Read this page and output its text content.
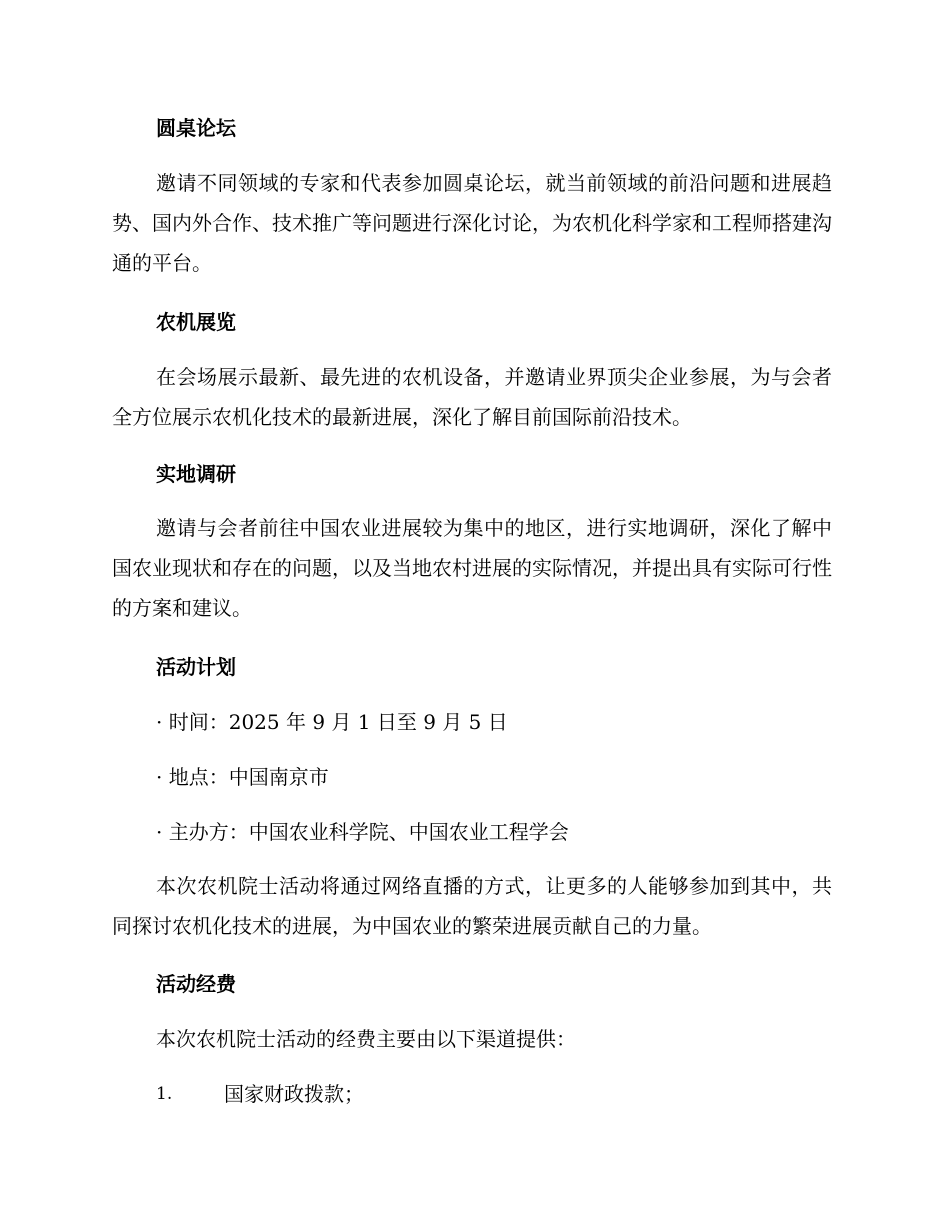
圆桌论坛
邀请不同领域的专家和代表参加圆桌论坛，就当前领域的前沿问题和进展趋势、国内外合作、技术推广等问题进行深化讨论，为农机化科学家和工程师搭建沟通的平台。
农机展览
在会场展示最新、最先进的农机设备，并邀请业界顶尖企业参展，为与会者全方位展示农机化技术的最新进展，深化了解目前国际前沿技术。
实地调研
邀请与会者前往中国农业进展较为集中的地区，进行实地调研，深化了解中国农业现状和存在的问题，以及当地农村进展的实际情况，并提出具有实际可行性的方案和建议。
活动计划
· 时间：2025 年 9 月 1 日至 9 月 5 日
· 地点：中国南京市
· 主办方：中国农业科学院、中国农业工程学会
本次农机院士活动将通过网络直播的方式，让更多的人能够参加到其中，共同探讨农机化技术的进展，为中国农业的繁荣进展贡献自己的力量。
活动经费
本次农机院士活动的经费主要由以下渠道提供：
1.	国家财政拨款；
